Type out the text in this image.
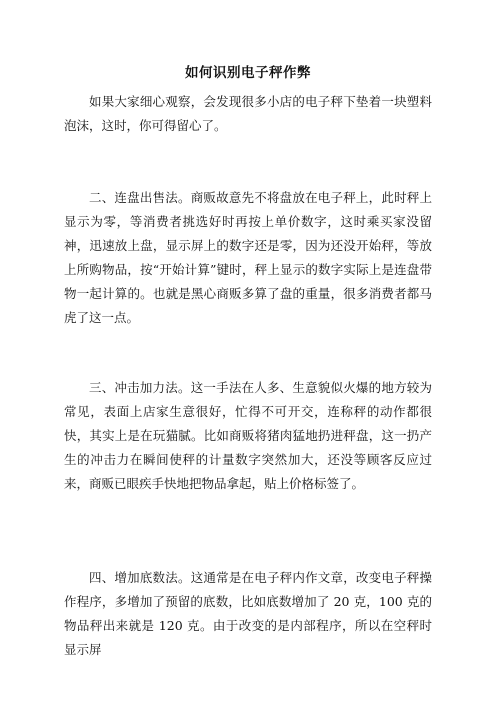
如何识别电子秤作弊

如果大家细心观察，会发现很多小店的电子秤下垫着一块塑料泡沫，这时，你可得留心了。

二、连盘出售法。商贩故意先不将盘放在电子秤上，此时秤上显示为零，等消费者挑选好时再按上单价数字，这时乘买家没留神，迅速放上盘，显示屏上的数字还是零，因为还没开始秤，等放上所购物品，按“开始计算”键时，秤上显示的数字实际上是连盘带物一起计算的。也就是黑心商贩多算了盘的重量，很多消费者都马虎了这一点。

三、冲击加力法。这一手法在人多、生意貌似火爆的地方较为常见，表面上店家生意很好，忙得不可开交，连称秤的动作都很快，其实上是在玩猫腻。比如商贩将猪肉猛地扔进秤盘，这一扔产生的冲击力在瞬间使秤的计量数字突然加大，还没等顾客反应过来，商贩已眼疾手快地把物品拿起，贴上价格标签了。

四、增加底数法。这通常是在电子秤内作文章，改变电子秤操作程序，多增加了预留的底数，比如底数增加了 20 克，100 克的物品秤出来就是 120 克。由于改变的是内部程序，所以在空秤时显示屏
